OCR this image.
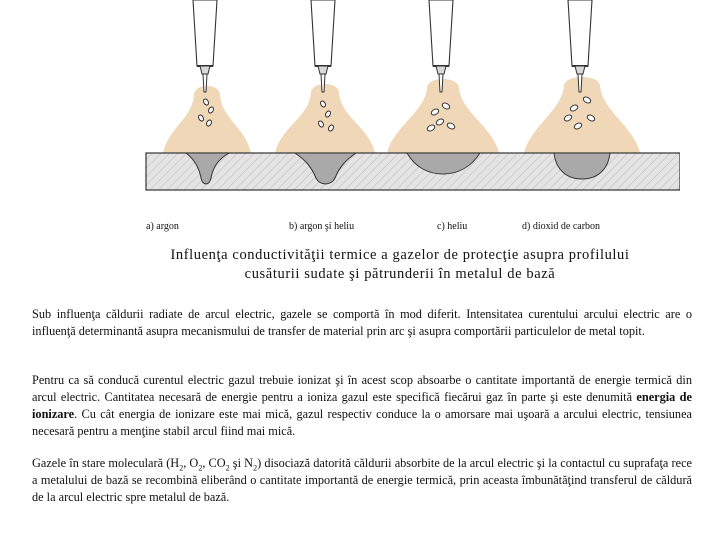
a) argon	b) argon şi heliu	c) heliu	d) dioxid de carbon
Influenţa conductivităţii termice a gazelor de protecţie asupra profilului
cusăturii sudate şi pătrunderii în metalul de bază

Sub influenţa căldurii radiate de arcul electric, gazele se comportă în mod diferit. Intensitatea curentului arcului electric are o influenţă determinantă asupra mecanismului de transfer de material prin arc şi asupra comportării particulelor de metal topit.

Pentru ca să conducă curentul electric gazul trebuie ionizat şi în acest scop absoarbe o cantitate importantă de energie termică din arcul electric. Cantitatea necesară de energie pentru a ioniza gazul este specifică fiecărui gaz în parte şi este denumită energia de ionizare. Cu cât energia de ionizare este mai mică, gazul respectiv conduce la o amorsare mai uşoară a arcului electric, tensiunea necesară pentru a menţine stabil arcul fiind mai mică.

Gazele în stare moleculară ($H_2$, $O_2$, $CO_2$ şi $N_2$) disociază datorită căldurii absorbite de la arcul electric şi la contactul cu suprafaţa rece a metalului de bază se recombină eliberând o cantitate importantă de energie termică, prin aceasta îmbunătăţind transferul de căldură de la arcul electric spre metalul de bază.
